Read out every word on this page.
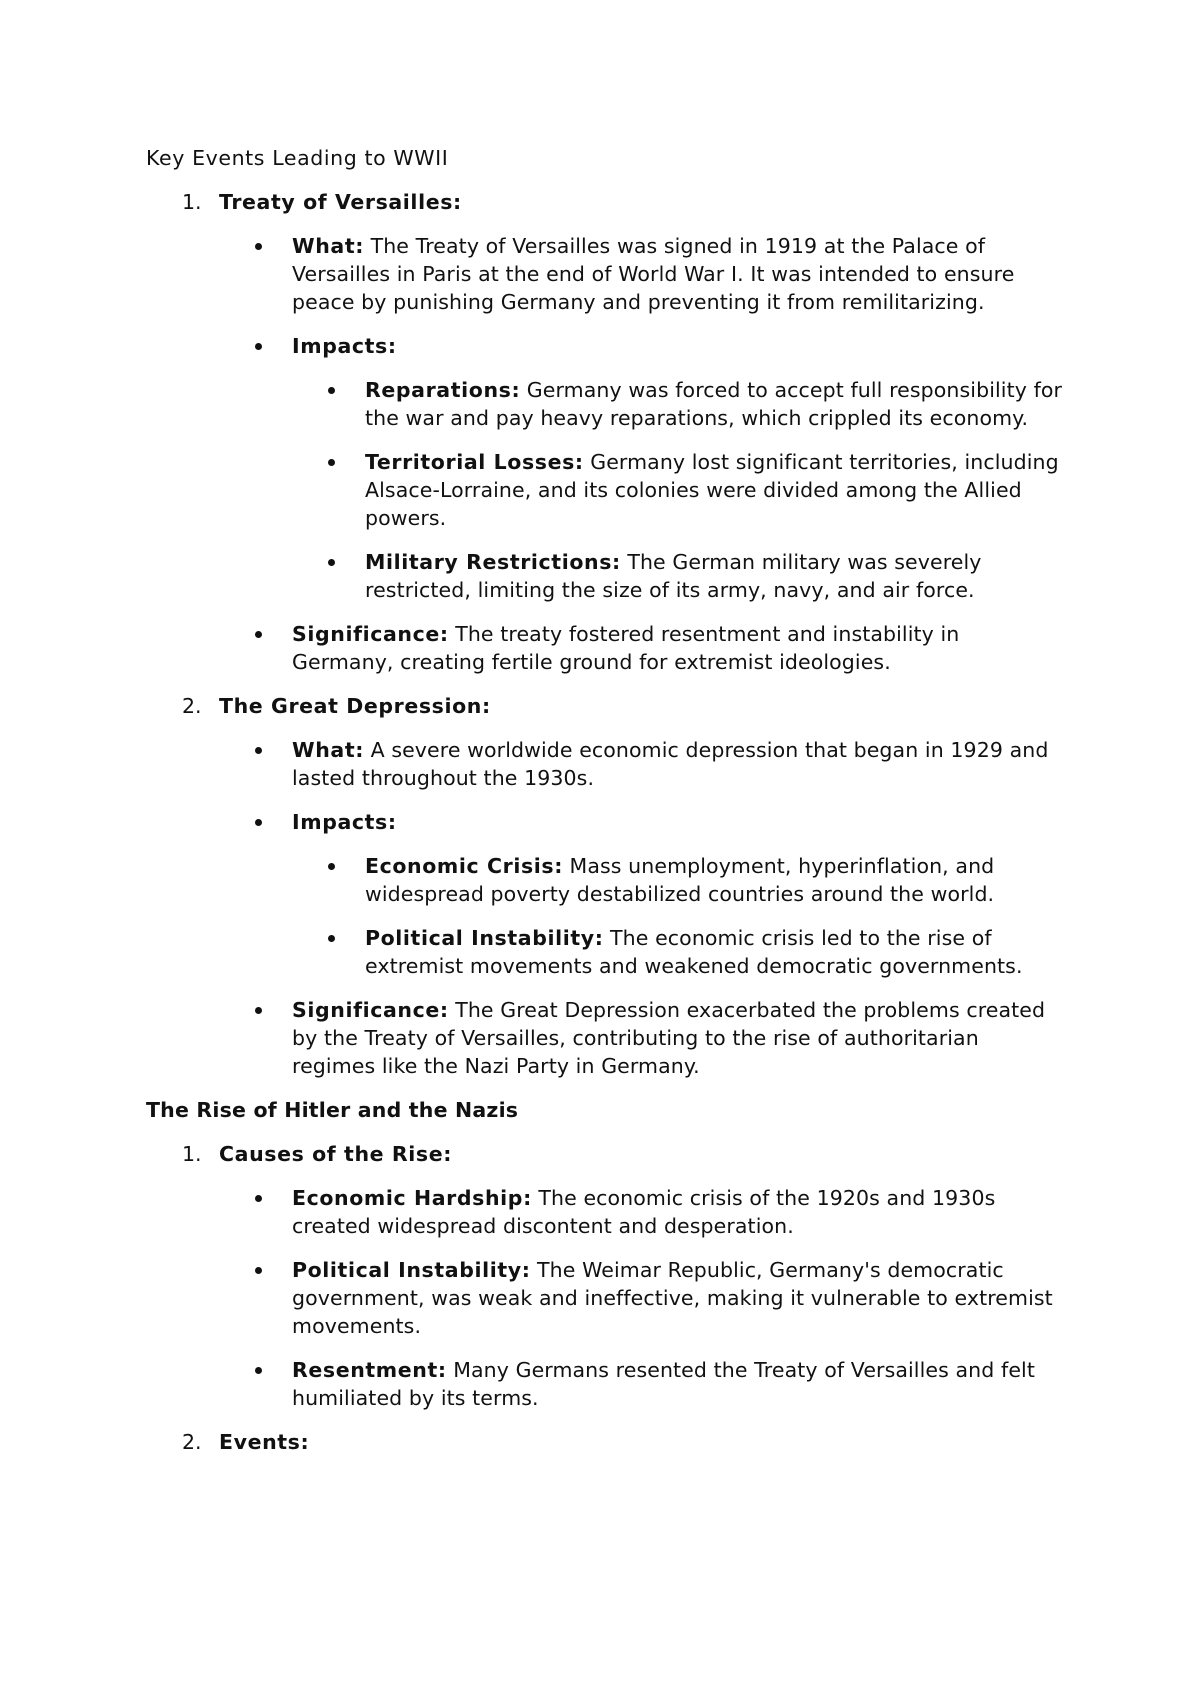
Key Events Leading to WWII
1. Treaty of Versailles:
What: The Treaty of Versailles was signed in 1919 at the Palace of Versailles in Paris at the end of World War I. It was intended to ensure peace by punishing Germany and preventing it from remilitarizing.
Impacts:
Reparations: Germany was forced to accept full responsibility for the war and pay heavy reparations, which crippled its economy.
Territorial Losses: Germany lost significant territories, including Alsace-Lorraine, and its colonies were divided among the Allied powers.
Military Restrictions: The German military was severely restricted, limiting the size of its army, navy, and air force.
Significance: The treaty fostered resentment and instability in Germany, creating fertile ground for extremist ideologies.
2. The Great Depression:
What: A severe worldwide economic depression that began in 1929 and lasted throughout the 1930s.
Impacts:
Economic Crisis: Mass unemployment, hyperinflation, and widespread poverty destabilized countries around the world.
Political Instability: The economic crisis led to the rise of extremist movements and weakened democratic governments.
Significance: The Great Depression exacerbated the problems created by the Treaty of Versailles, contributing to the rise of authoritarian regimes like the Nazi Party in Germany.
The Rise of Hitler and the Nazis
1. Causes of the Rise:
Economic Hardship: The economic crisis of the 1920s and 1930s created widespread discontent and desperation.
Political Instability: The Weimar Republic, Germany's democratic government, was weak and ineffective, making it vulnerable to extremist movements.
Resentment: Many Germans resented the Treaty of Versailles and felt humiliated by its terms.
2. Events:
